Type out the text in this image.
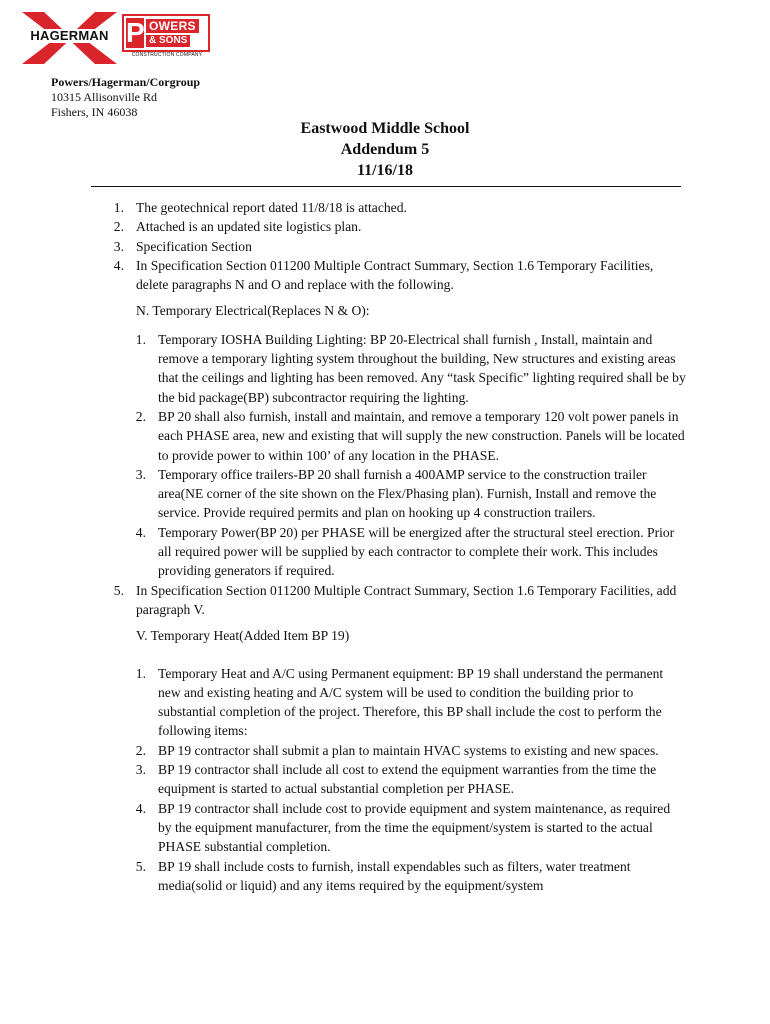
HAGERMAN P OWERS
& SONS
CONSTRUCTION COMPANY
Powers/Hagerman/Corgroup
10315 Allisonville Rd
Fishers, IN 46038
Eastwood Middle School
Addendum 5
11/16/18
1. The geotechnical report dated 11/8/18 is attached.
2. Attached is an updated site logistics plan.
3. Specification Section
4. In Specification Section 011200 Multiple Contract Summary, Section 1.6 Temporary Facilities, delete paragraphs N and O and replace with the following.
N. Temporary Electrical(Replaces N & O):
1. Temporary IOSHA Building Lighting: BP 20-Electrical shall furnish , Install, maintain and remove a temporary lighting system throughout the building, New structures and existing areas that the ceilings and lighting has been removed. Any “task Specific” lighting required shall be by the bid package(BP) subcontractor requiring the lighting.
2. BP 20 shall also furnish, install and maintain, and remove a temporary 120 volt power panels in each PHASE area, new and existing that will supply the new construction. Panels will be located to provide power to within 100’ of any location in the PHASE.
3. Temporary office trailers-BP 20 shall furnish a 400AMP service to the construction trailer area(NE corner of the site shown on the Flex/Phasing plan). Furnish, Install and remove the service. Provide required permits and plan on hooking up 4 construction trailers.
4. Temporary Power(BP 20) per PHASE will be energized after the structural steel erection. Prior all required power will be supplied by each contractor to complete their work. This includes providing generators if required.
5. In Specification Section 011200 Multiple Contract Summary, Section 1.6 Temporary Facilities, add paragraph V.
V. Temporary Heat(Added Item BP 19)
1. Temporary Heat and A/C using Permanent equipment: BP 19 shall understand the permanent new and existing heating and A/C system will be used to condition the building prior to substantial completion of the project. Therefore, this BP shall include the cost to perform the following items:
2. BP 19 contractor shall submit a plan to maintain HVAC systems to existing and new spaces.
3. BP 19 contractor shall include all cost to extend the equipment warranties from the time the equipment is started to actual substantial completion per PHASE.
4. BP 19 contractor shall include cost to provide equipment and system maintenance, as required by the equipment manufacturer, from the time the equipment/system is started to the actual PHASE substantial completion.
5. BP 19 shall include costs to furnish, install expendables such as filters, water treatment media(solid or liquid) and any items required by the equipment/system
